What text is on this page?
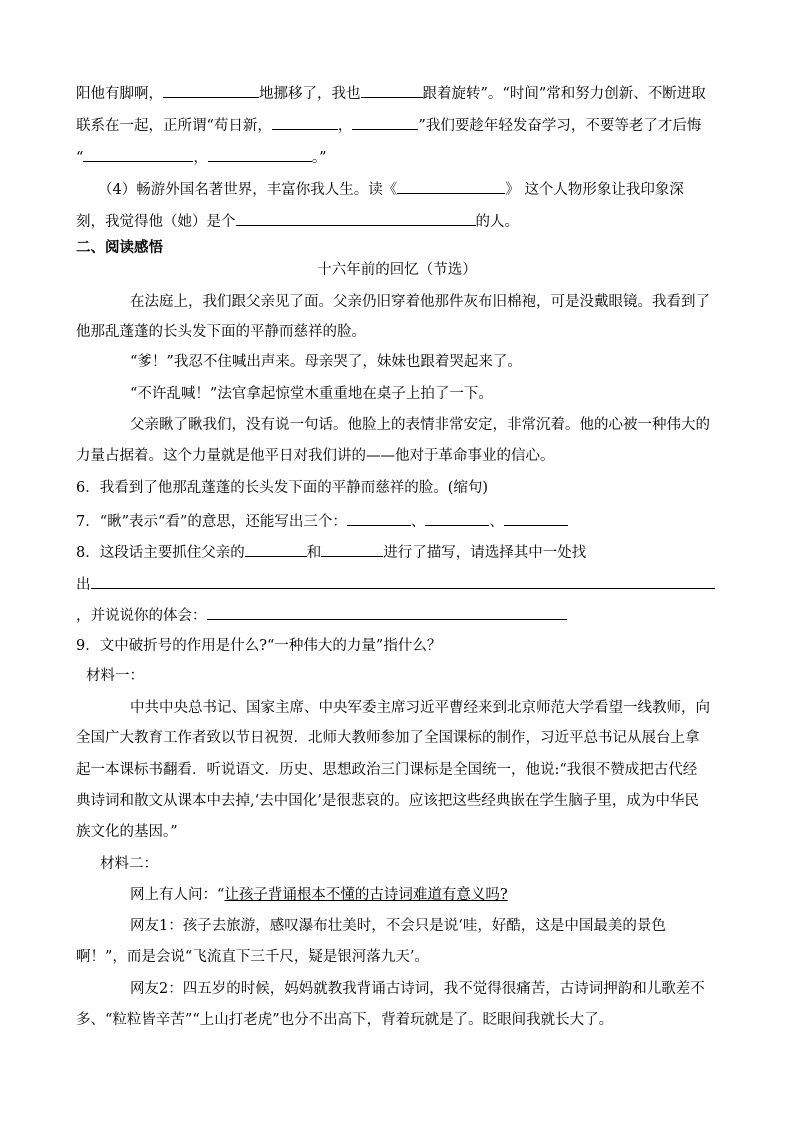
阳他有脚啊，	地挪移了，我也	跟着旋转”。“时间”常和努力创新、不断进取
联系在一起，正所谓“苟日新，	，	”我们要趁年轻发奋学习，不要等老了才后悔
“	，	。”
（4）畅游外国名著世界，丰富你我人生。读《	》 这个人物形象让我印象深
刻，我觉得他（她）是个	的人。
二、阅读感悟
十六年前的回忆（节选）
在法庭上，我们跟父亲见了面。父亲仍旧穿着他那件灰布旧棉袍，可是没戴眼镜。我看到了
他那乱蓬蓬的长头发下面的平静而慈祥的脸。
“爹！”我忍不住喊出声来。母亲哭了，妹妹也跟着哭起来了。
“不许乱喊！”法官拿起惊堂木重重地在桌子上拍了一下。
父亲瞅了瞅我们，没有说一句话。他脸上的表情非常安定，非常沉着。他的心被一种伟大的
力量占据着。这个力量就是他平日对我们讲的——他对于革命事业的信心。
6．我看到了他那乱蓬蓬的长头发下面的平静而慈祥的脸。(缩句)
7．“瞅”表示“看”的意思，还能写出三个：	、	、
8．这段话主要抓住父亲的	和	进行了描写，请选择其中一处找
出
，并说说你的体会：
9．文中破折号的作用是什么?“一种伟大的力量”指什么？
材料一：
中共中央总书记、国家主席、中央军委主席习近平曹经来到北京师范大学看望一线教师，向
全国广大教育工作者致以节日祝贺．北师大教师参加了全国课标的制作，习近平总书记从展台上拿
起一本课标书翻看．听说语文．历史、思想政治三门课标是全国统一，他说:“我很不赞成把古代经
典诗词和散文从课本中去掉,‘去中国化’是很悲哀的。应该把这些经典嵌在学生脑子里，成为中华民
族文化的基因。”
材料二：
网上有人问：“让孩子背诵根本不懂的古诗词难道有意义吗?
网友1：孩子去旅游，感叹瀑布壮美时，不会只是说‘哇，好酷，这是中国最美的景色
啊！”，而是会说“飞流直下三千尺，疑是银河落九天’。
网友2：四五岁的时候，妈妈就教我背诵古诗词，我不觉得很痛苦，古诗词押韵和儿歌差不
多、“粒粒皆辛苦”“上山打老虎”也分不出高下，背着玩就是了。眨眼间我就长大了。
